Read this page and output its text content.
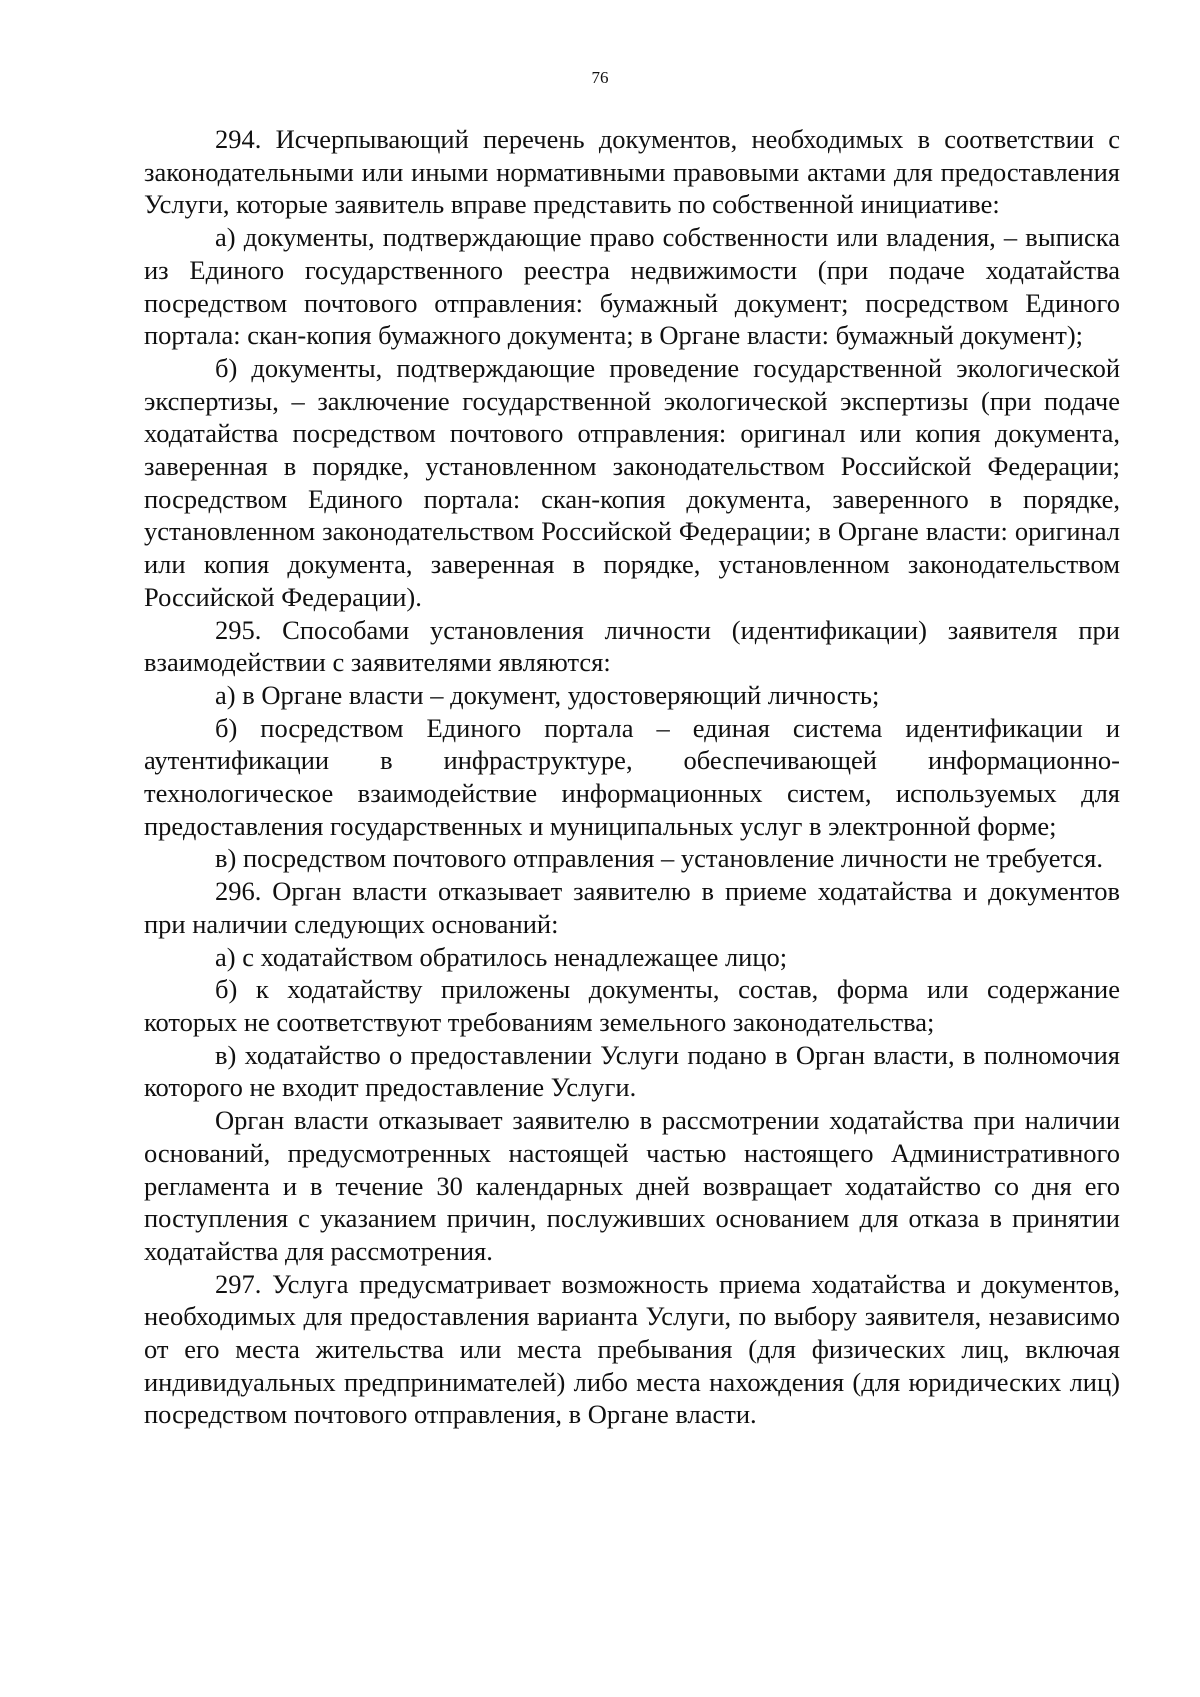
76

294. Исчерпывающий перечень документов, необходимых в соответствии с законодательными или иными нормативными правовыми актами для предоставления Услуги, которые заявитель вправе представить по собственной инициативе:

а) документы, подтверждающие право собственности или владения, – выписка из Единого государственного реестра недвижимости (при подаче ходатайства посредством почтового отправления: бумажный документ; посредством Единого портала: скан-копия бумажного документа; в Органе власти: бумажный документ);

б) документы, подтверждающие проведение государственной экологической экспертизы, – заключение государственной экологической экспертизы (при подаче ходатайства посредством почтового отправления: оригинал или копия документа, заверенная в порядке, установленном законодательством Российской Федерации; посредством Единого портала: скан-копия документа, заверенного в порядке, установленном законодательством Российской Федерации; в Органе власти: оригинал или копия документа, заверенная в порядке, установленном законодательством Российской Федерации).

295. Способами установления личности (идентификации) заявителя при взаимодействии с заявителями являются:

а) в Органе власти – документ, удостоверяющий личность;

б) посредством Единого портала – единая система идентификации и аутентификации в инфраструктуре, обеспечивающей информационно-технологическое взаимодействие информационных систем, используемых для предоставления государственных и муниципальных услуг в электронной форме;

в) посредством почтового отправления – установление личности не требуется.

296. Орган власти отказывает заявителю в приеме ходатайства и документов при наличии следующих оснований:

а) с ходатайством обратилось ненадлежащее лицо;

б) к ходатайству приложены документы, состав, форма или содержание которых не соответствуют требованиям земельного законодательства;

в) ходатайство о предоставлении Услуги подано в Орган власти, в полномочия которого не входит предоставление Услуги.

Орган власти отказывает заявителю в рассмотрении ходатайства при наличии оснований, предусмотренных настоящей частью настоящего Административного регламента и в течение 30 календарных дней возвращает ходатайство со дня его поступления с указанием причин, послуживших основанием для отказа в принятии ходатайства для рассмотрения.

297. Услуга предусматривает возможность приема ходатайства и документов, необходимых для предоставления варианта Услуги, по выбору заявителя, независимо от его места жительства или места пребывания (для физических лиц, включая индивидуальных предпринимателей) либо места нахождения (для юридических лиц) посредством почтового отправления, в Органе власти.
